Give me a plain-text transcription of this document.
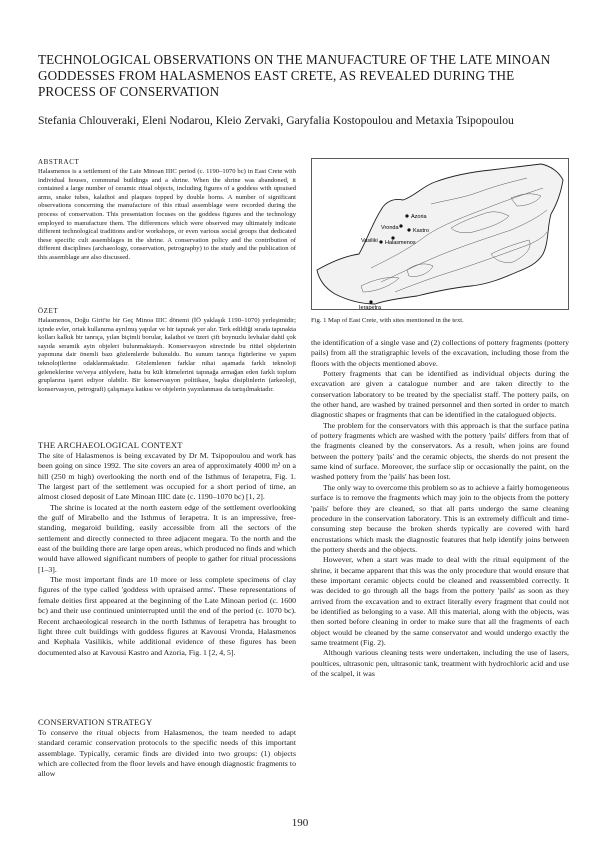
TECHNOLOGICAL OBSERVATIONS ON THE MANUFACTURE OF THE LATE MINOAN GODDESSES FROM HALASMENOS EAST CRETE, AS REVEALED DURING THE PROCESS OF CONSERVATION
Stefania Chlouveraki, Eleni Nodarou, Kleio Zervaki, Garyfalia Kostopoulou and Metaxia Tsipopoulou
ABSTRACT

Halasmenos is a settlement of the Late Minoan IIIC period (c. 1190–1070 bc) in East Crete with individual houses, communal buildings and a shrine. When the shrine was abandoned, it contained a large number of ceramic ritual objects, including figures of a goddess with upraised arms, snake tubes, kalathoi and plaques topped by double horns. A number of significant observations concerning the manufacture of this ritual assemblage were recorded during the process of conservation. This presentation focuses on the goddess figures and the technology employed to manufacture them. The differences which were observed may ultimately indicate different technological traditions and/or workshops, or even various social groups that dedicated these specific cult assemblages in the shrine. A conservation policy and the contribution of different disciplines (archaeology, conservation, petrography) to the study and the publication of this assemblage are also discussed.

ÖZET

Halasmenos, Doğu Girit'te bir Geç Minoa IIIC dönemi (İÖ yaklaşık 1190–1070) yerleşimidir; içinde evler, ortak kullanıma ayrılmış yapılar ve bir tapınak yer alır. Terk edildiği sırada tapınakta kolları kalkık bir tanrıça, yılan biçimli borular, kalathoi ve üzeri çift boynuzlu levhalar dahil çok sayıda seramik ayin objeleri bulunmaktaydı. Konservasyon sürecinde bu ritüel objelerinin yapımına dair önemli bazı gözlemlerde bulunuldu. Bu sunum tanrıça figürlerine ve yapım teknolojilerine odaklanmaktadır. Gözlemlenen farklar nihai aşamada farklı teknoloji geleneklerine ve/veya atölyelere, hatta bu kült kümelerini tapınağa armağan eden farklı toplum gruplarına işaret ediyor olabilir. Bir konservasyon politikası, başka disiplinlerin (arkeoloji, konservasyon, petrografi) çalışmaya katkısı ve objelerin yayınlanması da tartışılmaktadır.

THE ARCHAEOLOGICAL CONTEXT

The site of Halasmenos is being excavated by Dr M. Tsipopoulou and work has been going on since 1992. The site covers an area of approximately 4000 m² on a hill (250 m high) overlooking the north end of the Isthmus of Ierapetra, Fig. 1. The largest part of the settlement was occupied for a short period of time, an almost closed deposit of Late Minoan IIIC date (c. 1190–1070 bc) [1, 2].

The shrine is located at the north eastern edge of the settlement overlooking the gulf of Mirabello and the Isthmus of Ierapetra. It is an impressive, free-standing, megaroid building, easily accessible from all the sectors of the settlement and directly connected to three adjacent megara. To the north and the east of the building there are large open areas, which produced no finds and which would have allowed significant numbers of people to gather for ritual processions [1–3].

The most important finds are 10 more or less complete specimens of clay figures of the type called 'goddess with upraised arms'. These representations of female deities first appeared at the beginning of the Late Minoan period (c. 1600 bc) and their use continued uninterrupted until the end of the period (c. 1070 bc). Recent archaeological research in the north Isthmus of Ierapetra has brought to light three cult buildings with goddess figures at Kavousi Vronda, Halasmenos and Kephala Vasilikis, while additional evidence of these figures has been documented also at Kavousi Kastro and Azoria, Fig. 1 [2, 4, 5].

CONSERVATION STRATEGY

To conserve the ritual objects from Halasmenos, the team needed to adapt standard ceramic conservation protocols to the specific needs of this important assemblage. Typically, ceramic finds are divided into two groups: (1) objects which are collected from the floor levels and have enough diagnostic fragments to allow

Azoria
Vronda	Kastro
Halasmenos
Vasiliki
Ierapetra
Fig. 1 Map of East Crete, with sites mentioned in the text.

the identification of a single vase and (2) collections of pottery fragments (pottery pails) from all the stratigraphic levels of the excavation, including those from the floors with the objects mentioned above.

Pottery fragments that can be identified as individual objects during the excavation are given a catalogue number and are taken directly to the conservation laboratory to be treated by the specialist staff. The pottery pails, on the other hand, are washed by trained personnel and then sorted in order to match diagnostic shapes or fragments that can be identified in the catalogued objects.

The problem for the conservators with this approach is that the surface patina of pottery fragments which are washed with the pottery 'pails' differs from that of the fragments cleaned by the conservators. As a result, when joins are found between the pottery 'pails' and the ceramic objects, the sherds do not present the same kind of surface. Moreover, the surface slip or occasionally the paint, on the washed pottery from the 'pails' has been lost.

The only way to overcome this problem so as to achieve a fairly homogeneous surface is to remove the fragments which may join to the objects from the pottery 'pails' before they are cleaned, so that all parts undergo the same cleaning procedure in the conservation laboratory. This is an extremely difficult and time-consuming step because the broken sherds typically are covered with hard encrustations which mask the diagnostic features that help identify joins between the pottery sherds and the objects.

However, when a start was made to deal with the ritual equipment of the shrine, it became apparent that this was the only procedure that would ensure that these important ceramic objects could be cleaned and reassembled correctly. It was decided to go through all the bags from the pottery 'pails' as soon as they arrived from the excavation and to extract literally every fragment that could not be identified as belonging to a vase. All this material, along with the objects, was then sorted before cleaning in order to make sure that all the fragments of each object would be cleaned by the same conservator and would undergo exactly the same treatment (Fig. 2).

Although various cleaning tests were undertaken, including the use of lasers, poultices, ultrasonic pen, ultrasonic tank, treatment with hydrochloric acid and use of the scalpel, it was

190
